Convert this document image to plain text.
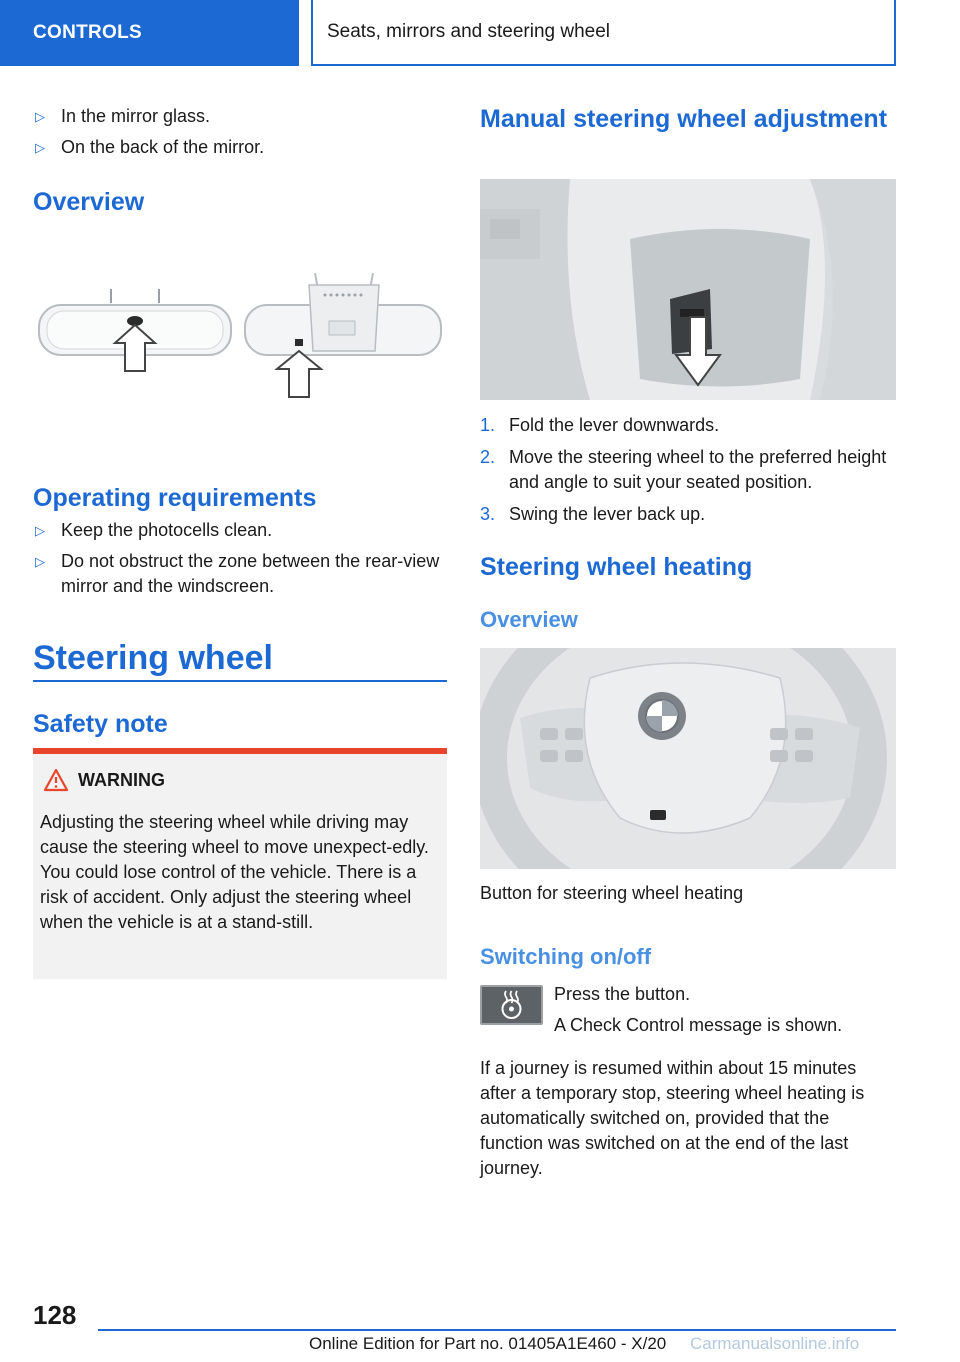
CONTROLS	Seats, mirrors and steering wheel
▷ In the mirror glass.
▷ On the back of the mirror.
Overview
Operating requirements
▷ Keep the photocells clean.
▷ Do not obstruct the zone between the rear‐view mirror and the windscreen.
Steering wheel
Safety note
WARNING
Adjusting the steering wheel while driving may cause the steering wheel to move unexpect‐edly. You could lose control of the vehicle. There is a risk of accident. Only adjust the steering wheel when the vehicle is at a stand‐still.
Manual steering wheel adjustment
1. Fold the lever downwards.
2. Move the steering wheel to the preferred height and angle to suit your seated position.
3. Swing the lever back up.
Steering wheel heating
Overview

Button for steering wheel heating

Switching on/off

Press the button.

A Check Control message is shown.

If a journey is resumed within about 15 minutes after a temporary stop, steering wheel heating is automatically switched on, provided that the function was switched on at the end of the last journey.

128
Online Edition for Part no. 01405A1E460 - X/20 Carmanualsonline.info
